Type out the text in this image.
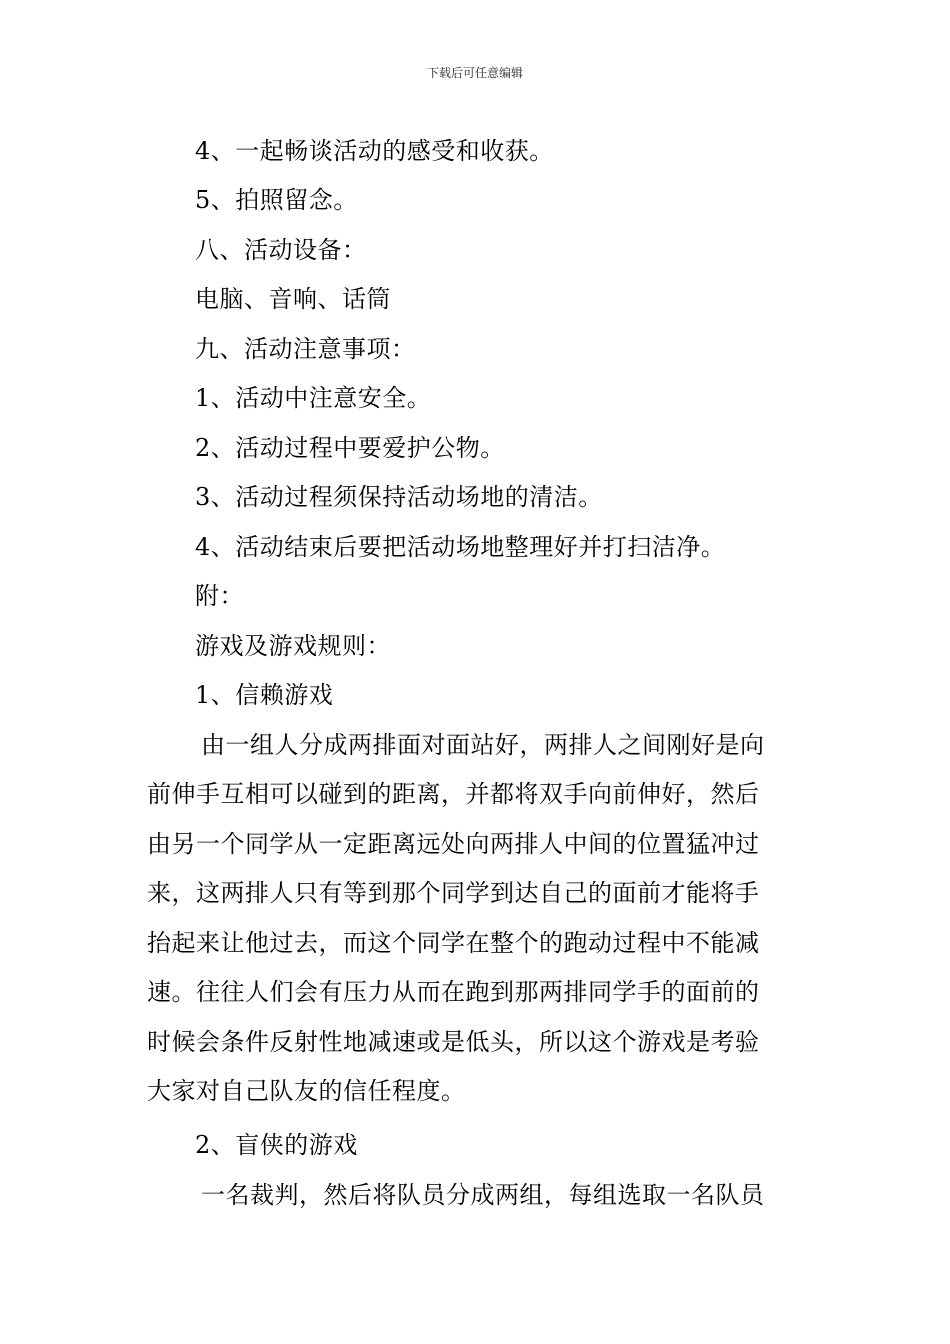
下载后可任意编辑
4、一起畅谈活动的感受和收获。
5、拍照留念。
八、活动设备：
电脑、音响、话筒
九、活动注意事项：
1、活动中注意安全。
2、活动过程中要爱护公物。
3、活动过程须保持活动场地的清洁。
4、活动结束后要把活动场地整理好并打扫洁净。
附：
游戏及游戏规则：
1、信赖游戏
由一组人分成两排面对面站好，两排人之间刚好是向
前伸手互相可以碰到的距离，并都将双手向前伸好，然后
由另一个同学从一定距离远处向两排人中间的位置猛冲过
来，这两排人只有等到那个同学到达自己的面前才能将手
抬起来让他过去，而这个同学在整个的跑动过程中不能减
速。往往人们会有压力从而在跑到那两排同学手的面前的
时候会条件反射性地减速或是低头，所以这个游戏是考验
大家对自己队友的信任程度。
2、盲侠的游戏
一名裁判，然后将队员分成两组，每组选取一名队员
